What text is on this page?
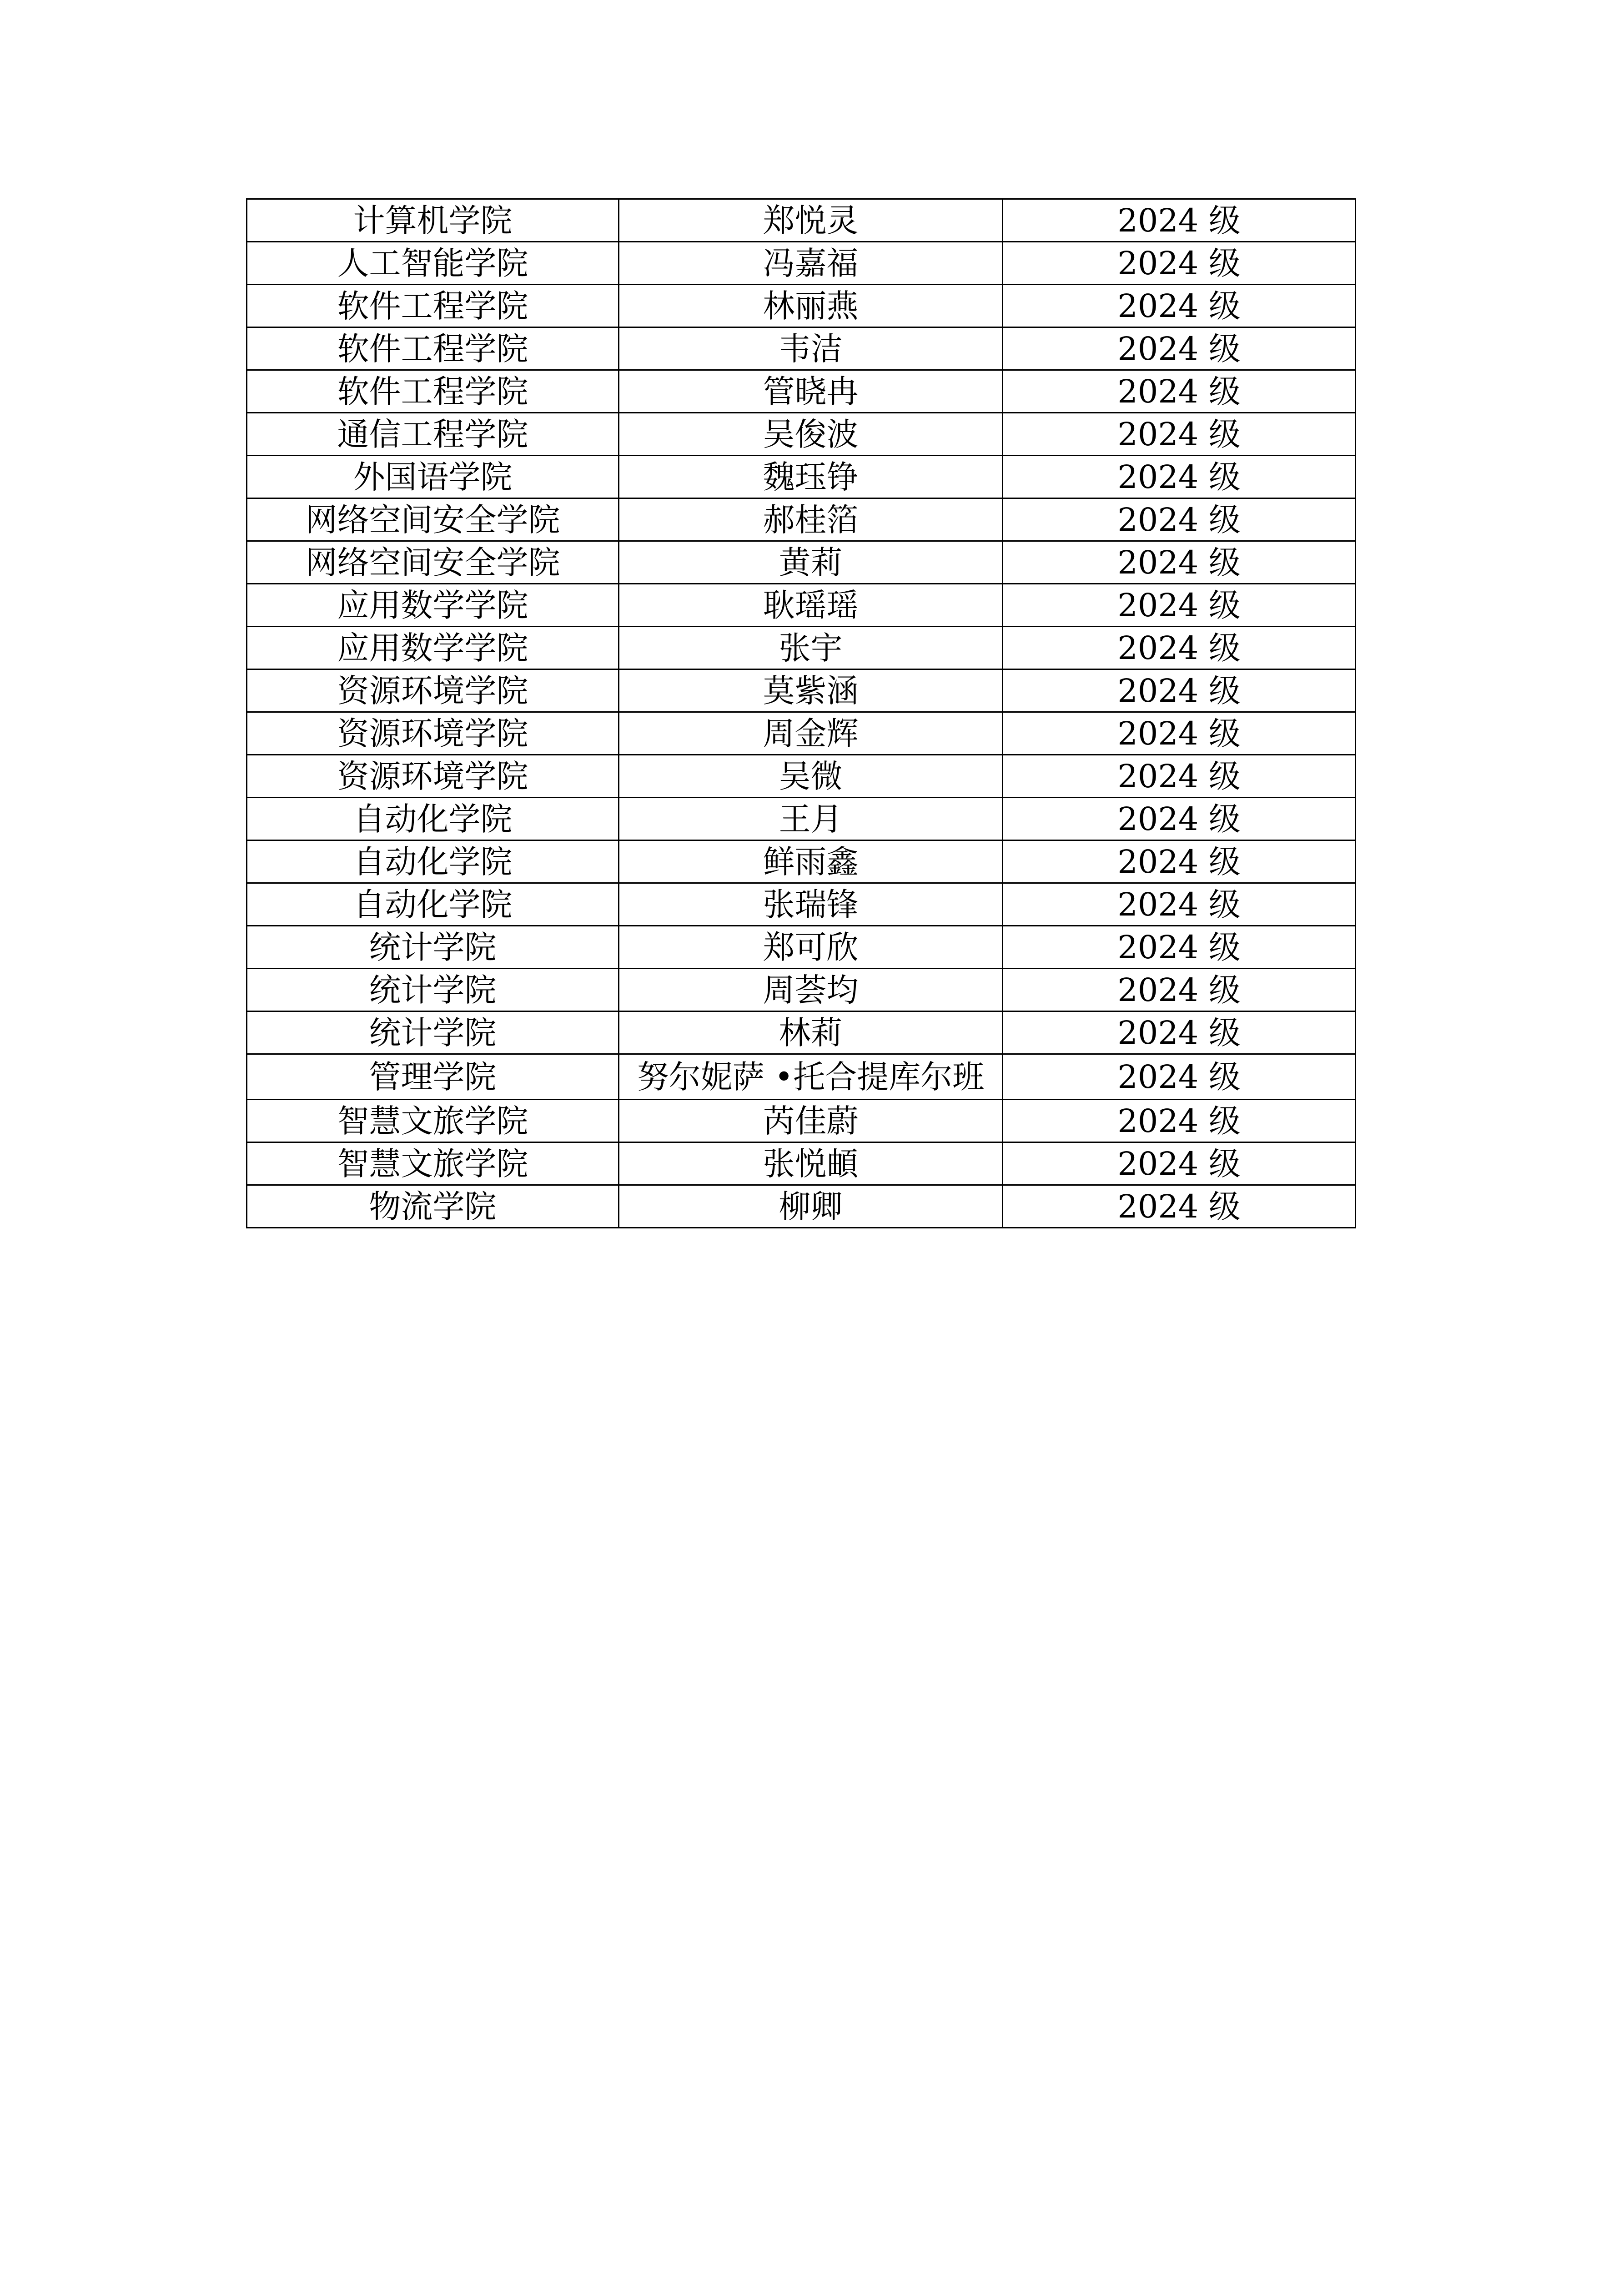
计算机学院	郑悦灵	2024 级
人工智能学院	冯嘉福	2024 级
软件工程学院	林丽燕	2024 级
软件工程学院	韦洁	2024 级
软件工程学院	管晓冉	2024 级
通信工程学院	吴俊波	2024 级
外国语学院	魏珏铮	2024 级
网络空间安全学院	郝桂箔	2024 级
网络空间安全学院	黄莉	2024 级
应用数学学院	耿瑶瑶	2024 级
应用数学学院	张宇	2024 级
资源环境学院	莫紫涵	2024 级
资源环境学院	周金辉	2024 级
资源环境学院	吴微	2024 级
自动化学院	王月	2024 级
自动化学院	鲜雨鑫	2024 级
自动化学院	张瑞锋	2024 级
统计学院	郑可欣	2024 级
统计学院	周荟均	2024 级
统计学院	林莉	2024 级
管理学院	努尔妮萨 •托合提库尔班	2024 级
智慧文旅学院	芮佳蔚	2024 级
智慧文旅学院	张悦頔	2024 级
物流学院	柳卿	2024 级
